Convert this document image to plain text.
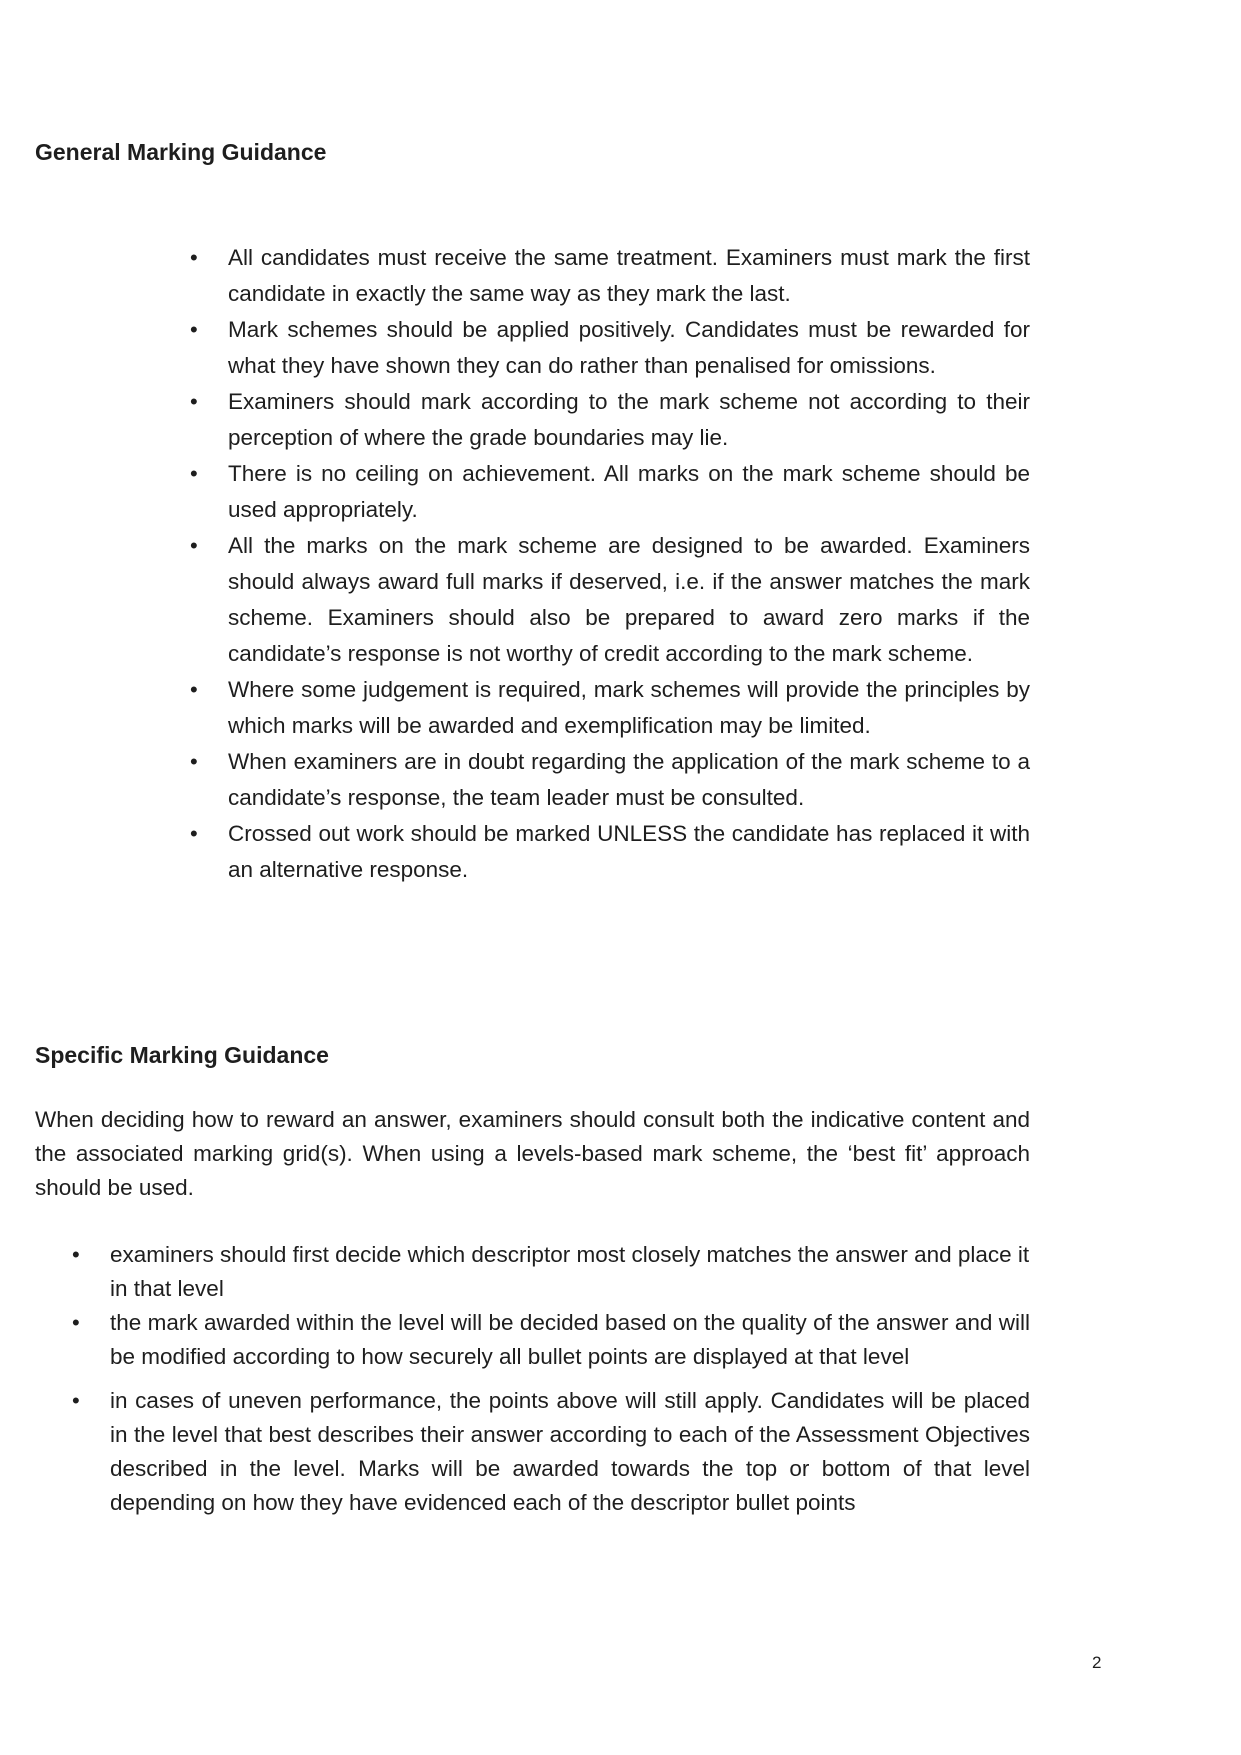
General Marking Guidance
•	All candidates must receive the same treatment. Examiners must mark the first candidate in exactly the same way as they mark the last.
•	Mark schemes should be applied positively. Candidates must be rewarded for what they have shown they can do rather than penalised for omissions.
•	Examiners should mark according to the mark scheme not according to their perception of where the grade boundaries may lie.
•	There is no ceiling on achievement. All marks on the mark scheme should be used appropriately.
•	All the marks on the mark scheme are designed to be awarded. Examiners should always award full marks if deserved, i.e. if the answer matches the mark scheme. Examiners should also be prepared to award zero marks if the candidate’s response is not worthy of credit according to the mark scheme.
•	Where some judgement is required, mark schemes will provide the principles by which marks will be awarded and exemplification may be limited.
•	When examiners are in doubt regarding the application of the mark scheme to a candidate’s response, the team leader must be consulted.
•	Crossed out work should be marked UNLESS the candidate has replaced it with an alternative response.
Specific Marking Guidance

When deciding how to reward an answer, examiners should consult both the indicative content and the associated marking grid(s). When using a levels-based mark scheme, the ‘best fit’ approach should be used.

•	examiners should first decide which descriptor most closely matches the answer and place it in that level
•	the mark awarded within the level will be decided based on the quality of the answer and will be modified according to how securely all bullet points are displayed at that level
•	in cases of uneven performance, the points above will still apply. Candidates will be placed in the level that best describes their answer according to each of the Assessment Objectives described in the level. Marks will be awarded towards the top or bottom of that level depending on how they have evidenced each of the descriptor bullet points
2
